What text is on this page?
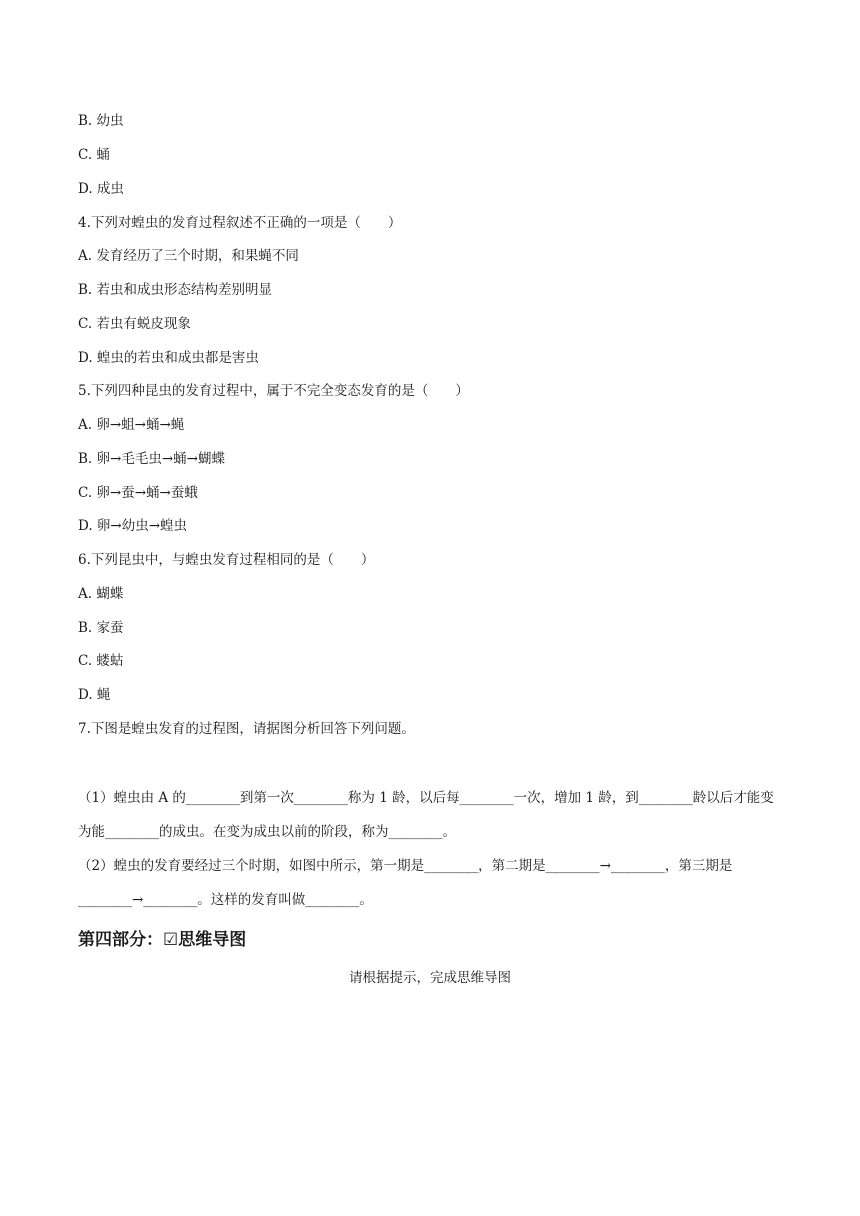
B. 幼虫
C. 蛹
D. 成虫
4.下列对蝗虫的发育过程叙述不正确的一项是（　　）
A. 发育经历了三个时期，和果蝇不同
B. 若虫和成虫形态结构差别明显
C. 若虫有蜕皮现象
D. 蝗虫的若虫和成虫都是害虫
5.下列四种昆虫的发育过程中，属于不完全变态发育的是（　　）
A. 卵→蛆→蛹→蝇
B. 卵→毛毛虫→蛹→蝴蝶
C. 卵→蚕→蛹→蚕蛾
D. 卵→幼虫→蝗虫
6.下列昆虫中，与蝗虫发育过程相同的是（　　）
A. 蝴蝶
B. 家蚕
C. 蝼蛄
D. 蝇
7.下图是蝗虫发育的过程图，请据图分析回答下列问题。
（1）蝗虫由 A 的________到第一次________称为 1 龄，以后每________一次，增加 1 龄，到________龄以后才能变为能________的成虫。在变为成虫以前的阶段，称为________。
（2）蝗虫的发育要经过三个时期，如图中所示，第一期是________，第二期是________→________，第三期是________→________。这样的发育叫做________。
第四部分：☑思维导图
请根据提示，完成思维导图
